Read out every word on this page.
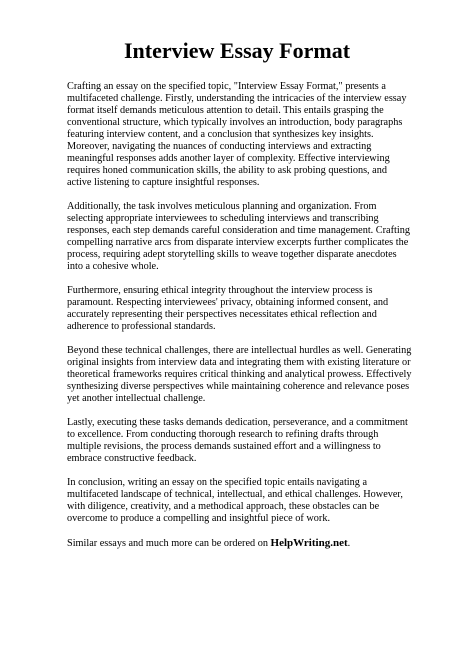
Interview Essay Format

Crafting an essay on the specified topic, "Interview Essay Format," presents a multifaceted challenge. Firstly, understanding the intricacies of the interview essay format itself demands meticulous attention to detail. This entails grasping the conventional structure, which typically involves an introduction, body paragraphs featuring interview content, and a conclusion that synthesizes key insights. Moreover, navigating the nuances of conducting interviews and extracting meaningful responses adds another layer of complexity. Effective interviewing requires honed communication skills, the ability to ask probing questions, and active listening to capture insightful responses.

Additionally, the task involves meticulous planning and organization. From selecting appropriate interviewees to scheduling interviews and transcribing responses, each step demands careful consideration and time management. Crafting compelling narrative arcs from disparate interview excerpts further complicates the process, requiring adept storytelling skills to weave together disparate anecdotes into a cohesive whole.

Furthermore, ensuring ethical integrity throughout the interview process is paramount. Respecting interviewees' privacy, obtaining informed consent, and accurately representing their perspectives necessitates ethical reflection and adherence to professional standards.

Beyond these technical challenges, there are intellectual hurdles as well. Generating original insights from interview data and integrating them with existing literature or theoretical frameworks requires critical thinking and analytical prowess. Effectively synthesizing diverse perspectives while maintaining coherence and relevance poses yet another intellectual challenge.

Lastly, executing these tasks demands dedication, perseverance, and a commitment to excellence. From conducting thorough research to refining drafts through multiple revisions, the process demands sustained effort and a willingness to embrace constructive feedback.

In conclusion, writing an essay on the specified topic entails navigating a multifaceted landscape of technical, intellectual, and ethical challenges. However, with diligence, creativity, and a methodical approach, these obstacles can be overcome to produce a compelling and insightful piece of work.

Similar essays and much more can be ordered on HelpWriting.net.
